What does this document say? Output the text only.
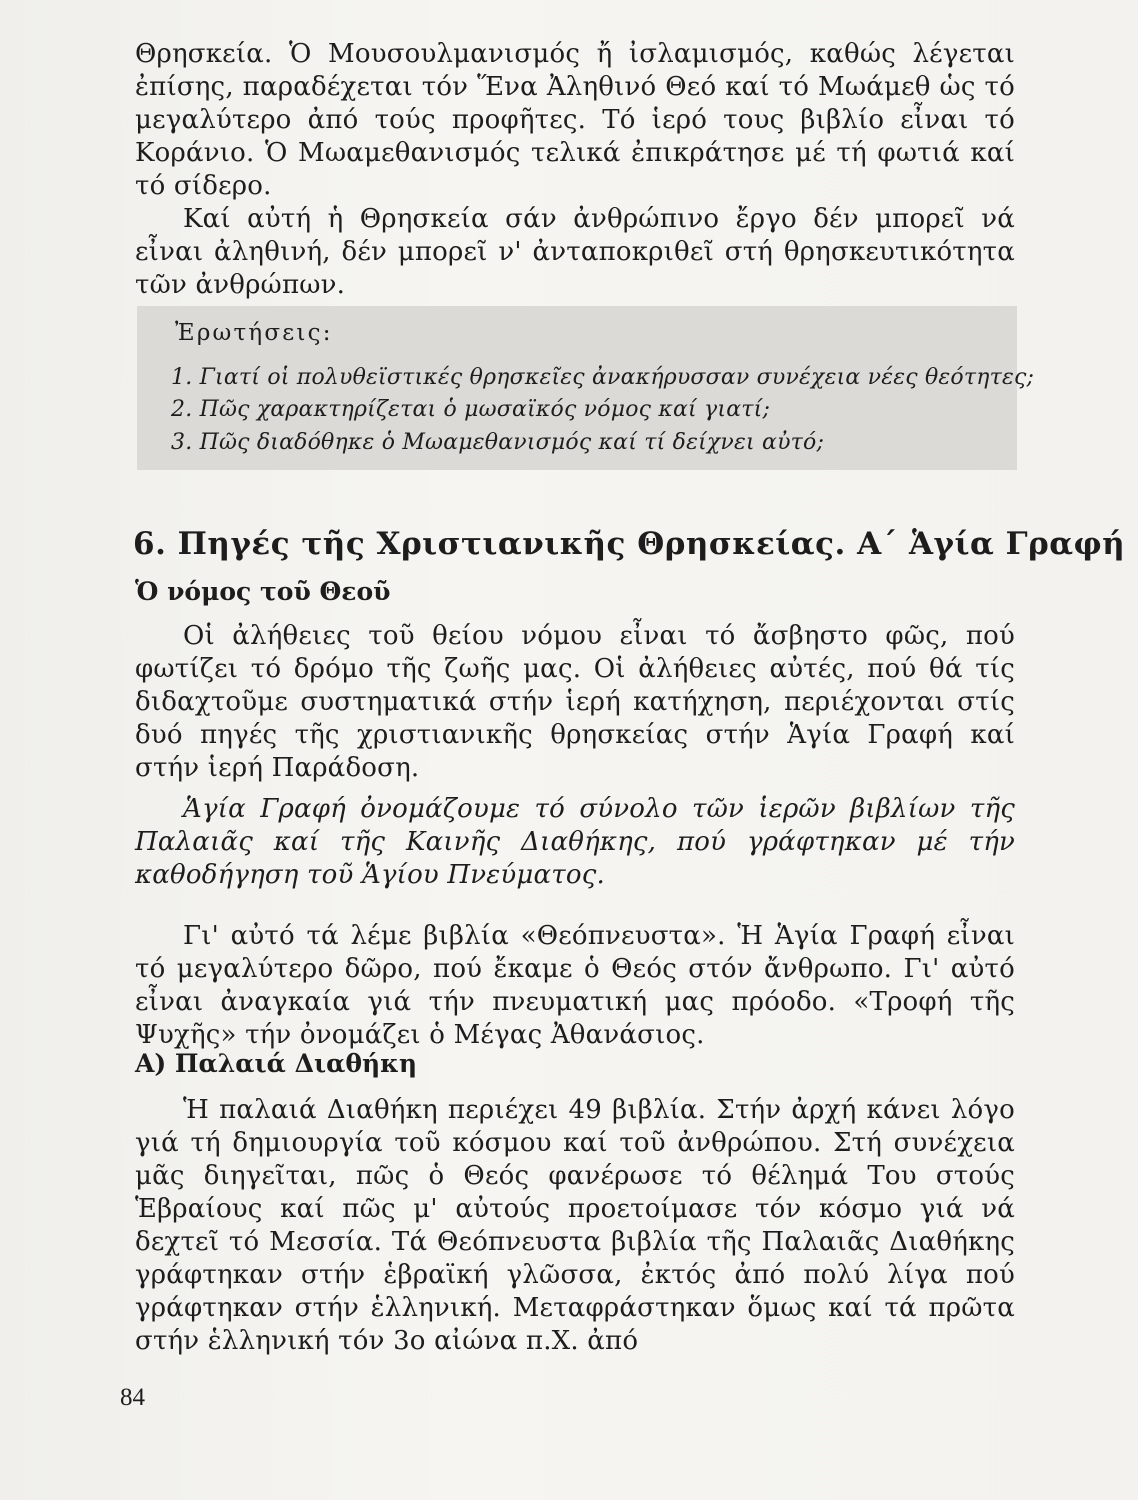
Θρησκεία. Ὁ Μουσουλμανισμός ἤ ἰσλαμισμός, καθώς λέγεται ἐπίσης, παραδέχεται τόν Ἕνα Ἀληθινό Θεό καί τό Μωάμεθ ὡς τό μεγαλύτερο ἀπό τούς προφῆτες. Τό ἱερό τους βιβλίο εἶναι τό Κοράνιο. Ὁ Μωαμεθανισμός τελικά ἐπικράτησε μέ τή φωτιά καί τό σίδερο.

Καί αὐτή ἡ Θρησκεία σάν ἀνθρώπινο ἔργο δέν μπορεῖ νά εἶναι ἀληθινή, δέν μπορεῖ ν' ἀνταποκριθεῖ στή θρησκευτικότητα τῶν ἀνθρώπων.

Ἐρωτήσεις:
1. Γιατί οἱ πολυθεϊστικές θρησκεῖες ἀνακήρυσσαν συνέχεια νέες θεότητες;
2. Πῶς χαρακτηρίζεται ὁ μωσαϊκός νόμος καί γιατί;
3. Πῶς διαδόθηκε ὁ Μωαμεθανισμός καί τί δείχνει αὐτό;
6. Πηγές τῆς Χριστιανικῆς Θρησκείας. Α΄ Ἁγία Γραφή
Ὁ νόμος τοῦ Θεοῦ

Οἱ ἀλήθειες τοῦ θείου νόμου εἶναι τό ἄσβηστο φῶς, πού φωτίζει τό δρόμο τῆς ζωῆς μας. Οἱ ἀλήθειες αὐτές, πού θά τίς διδαχτοῦμε συστηματικά στήν ἱερή κατήχηση, περιέχονται στίς δυό πηγές τῆς χριστιανικῆς θρησκείας στήν Ἁγία Γραφή καί στήν ἱερή Παράδοση.

Ἁγία Γραφή ὀνομάζουμε τό σύνολο τῶν ἱερῶν βιβλίων τῆς Παλαιᾶς καί τῆς Καινῆς Διαθήκης, πού γράφτηκαν μέ τήν καθοδήγηση τοῦ Ἁγίου Πνεύματος.

Γι' αὐτό τά λέμε βιβλία «Θεόπνευστα». Ἡ Ἁγία Γραφή εἶναι τό μεγαλύτερο δῶρο, πού ἔκαμε ὁ Θεός στόν ἄνθρωπο. Γι' αὐτό εἶναι ἀναγκαία γιά τήν πνευματική μας πρόοδο. «Τροφή τῆς Ψυχῆς» τήν ὀνομάζει ὁ Μέγας Ἀθανάσιος.

Α) Παλαιά Διαθήκη

Ἡ παλαιά Διαθήκη περιέχει 49 βιβλία. Στήν ἀρχή κάνει λόγο γιά τή δημιουργία τοῦ κόσμου καί τοῦ ἀνθρώπου. Στή συνέχεια μᾶς διηγεῖται, πῶς ὁ Θεός φανέρωσε τό θέλημά Του στούς Ἑβραίους καί πῶς μ' αὐτούς προετοίμασε τόν κόσμο γιά νά δεχτεῖ τό Μεσσία. Τά Θεόπνευστα βιβλία τῆς Παλαιᾶς Διαθήκης γράφτηκαν στήν ἑβραϊκή γλῶσσα, ἐκτός ἀπό πολύ λίγα πού γράφτηκαν στήν ἑλληνική. Μεταφράστηκαν ὅμως καί τά πρῶτα στήν ἑλληνική τόν 3ο αἰώνα π.Χ. ἀπό

84
